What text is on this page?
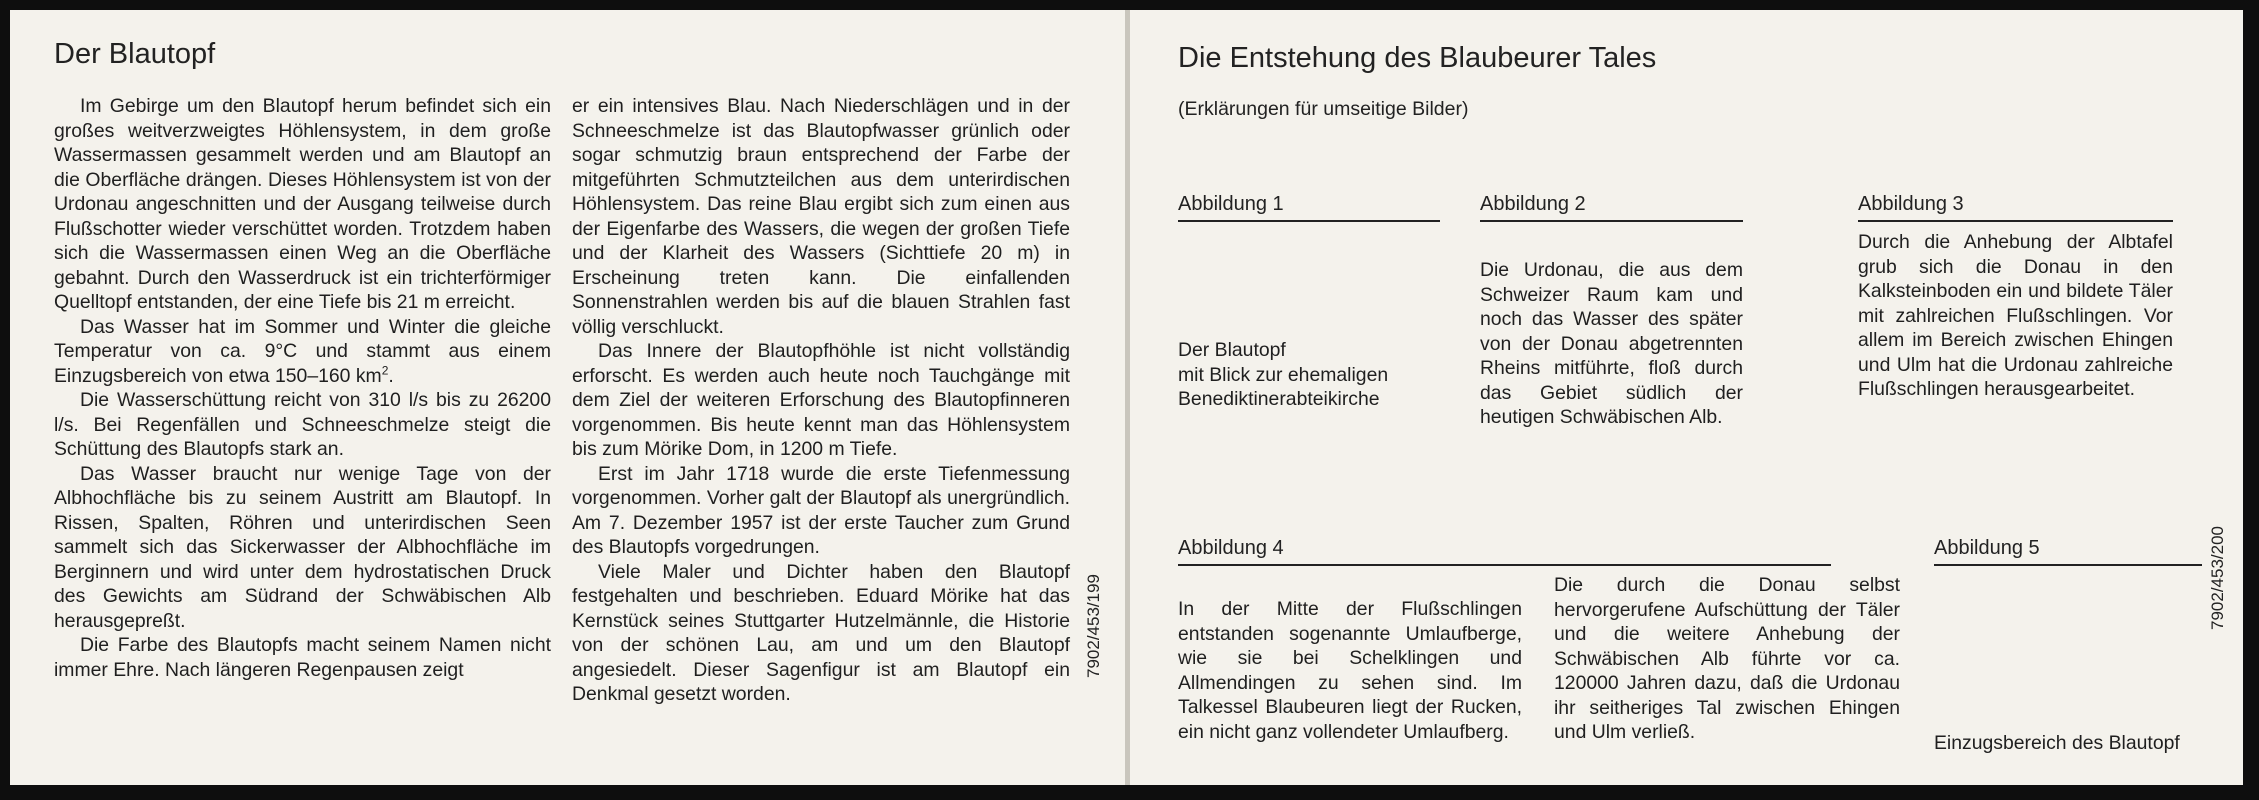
Der Blautopf

Im Gebirge um den Blautopf herum befindet sich ein großes weitverzweigtes Höhlensystem, in dem große Wassermassen gesammelt werden und am Blautopf an die Oberfläche drängen. Dieses Höhlensystem ist von der Urdonau angeschnitten und der Ausgang teilweise durch Flußschotter wieder verschüttet worden. Trotzdem haben sich die Wassermassen einen Weg an die Oberfläche gebahnt. Durch den Wasserdruck ist ein trichterförmiger Quelltopf entstanden, der eine Tiefe bis 21 m erreicht.

Das Wasser hat im Sommer und Winter die gleiche Temperatur von ca. 9°C und stammt aus einem Einzugsbereich von etwa 150–160 $km^2$.

Die Wasserschüttung reicht von 310 l/s bis zu 26200 l/s. Bei Regenfällen und Schneeschmelze steigt die Schüttung des Blautopfs stark an.

Das Wasser braucht nur wenige Tage von der Albhochfläche bis zu seinem Austritt am Blautopf. In Rissen, Spalten, Röhren und unterirdischen Seen sammelt sich das Sickerwasser der Albhochfläche im Berginnern und wird unter dem hydrostatischen Druck des Gewichts am Südrand der Schwäbischen Alb herausgepreßt.

Die Farbe des Blautopfs macht seinem Namen nicht immer Ehre. Nach längeren Regenpausen zeigt

er ein intensives Blau. Nach Niederschlägen und in der Schneeschmelze ist das Blautopfwasser grünlich oder sogar schmutzig braun entsprechend der Farbe der mitgeführten Schmutzteilchen aus dem unterirdischen Höhlensystem. Das reine Blau ergibt sich zum einen aus der Eigenfarbe des Wassers, die wegen der großen Tiefe und der Klarheit des Wassers (Sichttiefe 20 m) in Erscheinung treten kann. Die einfallenden Sonnenstrahlen werden bis auf die blauen Strahlen fast völlig verschluckt.

Das Innere der Blautopfhöhle ist nicht vollständig erforscht. Es werden auch heute noch Tauchgänge mit dem Ziel der weiteren Erforschung des Blautopfinneren vorgenommen. Bis heute kennt man das Höhlensystem bis zum Mörike Dom, in 1200 m Tiefe.

Erst im Jahr 1718 wurde die erste Tiefenmessung vorgenommen. Vorher galt der Blautopf als unergründlich. Am 7. Dezember 1957 ist der erste Taucher zum Grund des Blautopfs vorgedrungen.

Viele Maler und Dichter haben den Blautopf festgehalten und beschrieben. Eduard Mörike hat das Kernstück seines Stuttgarter Hutzelmännle, die Historie von der schönen Lau, am und um den Blautopf angesiedelt. Dieser Sagenfigur ist am Blautopf ein Denkmal gesetzt worden.

7902/453/199
Die Entstehung des Blaubeurer Tales
(Erklärungen für umseitige Bilder)
Abbildung 1
Der Blautopf
mit Blick zur ehemaligen
Benediktinerabteikirche
Abbildung 2
Die Urdonau, die aus dem Schweizer Raum kam und noch das Wasser des später von der Donau abgetrennten Rheins mitführte, floß durch das Gebiet südlich der heutigen Schwäbischen Alb.
Abbildung 3
Durch die Anhebung der Albtafel grub sich die Donau in den Kalksteinboden ein und bildete Täler mit zahlreichen Flußschlingen. Vor allem im Bereich zwischen Ehingen und Ulm hat die Urdonau zahlreiche Flußschlingen herausgearbeitet.
Abbildung 4
In der Mitte der Flußschlingen entstanden sogenannte Umlaufberge, wie sie bei Schelklingen und Allmendingen zu sehen sind. Im Talkessel Blaubeuren liegt der Rucken, ein nicht ganz vollendeter Umlaufberg.
Die durch die Donau selbst hervorgerufene Aufschüttung der Täler und die weitere Anhebung der Schwäbischen Alb führte vor ca. 120000 Jahren dazu, daß die Urdonau ihr seitheriges Tal zwischen Ehingen und Ulm verließ.
Abbildung 5
Einzugsbereich des Blautopf
7902/453/200
